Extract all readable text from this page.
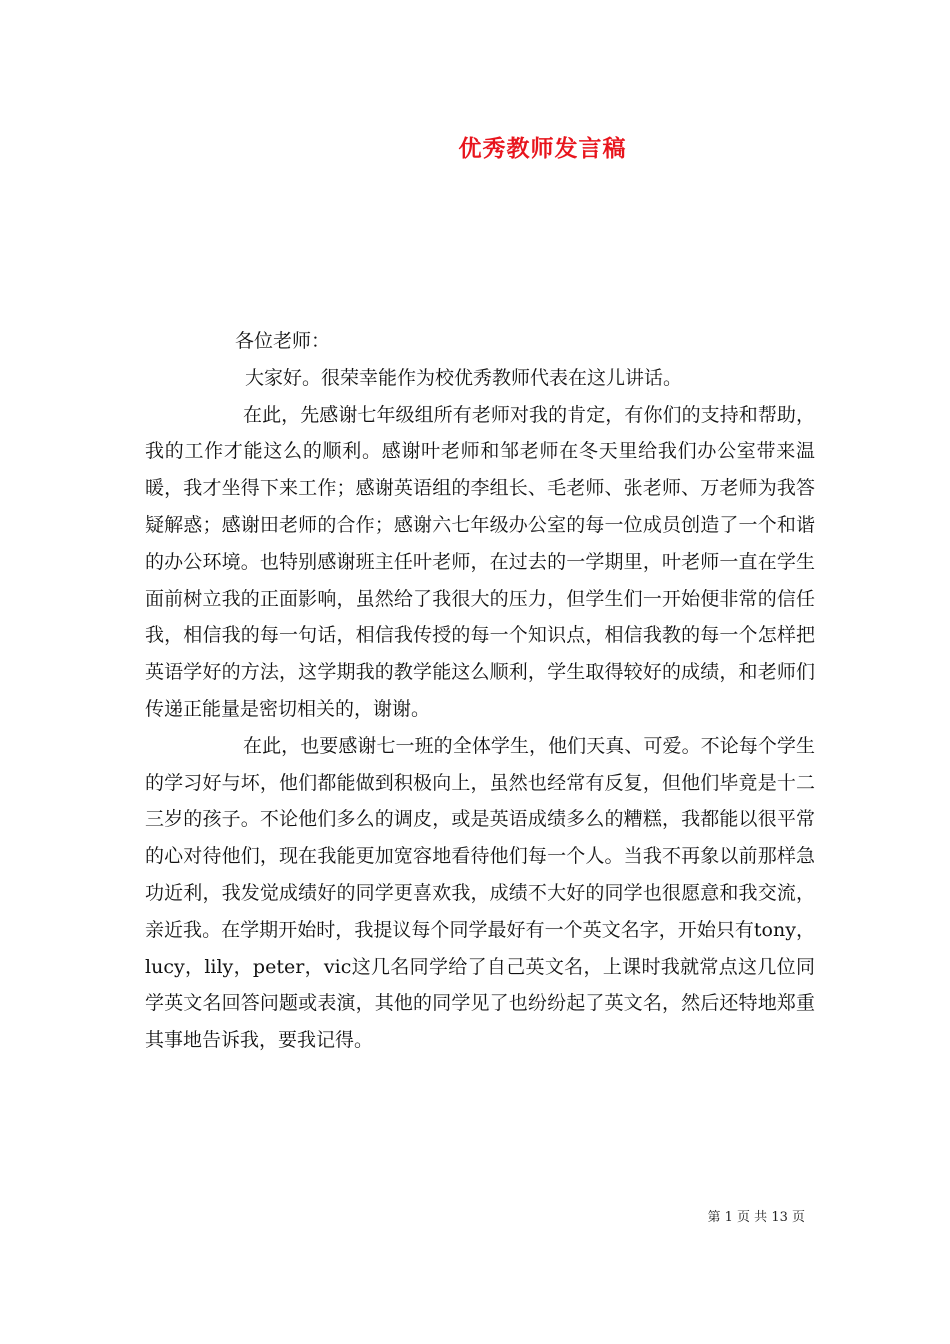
优秀教师发言稿

各位老师：

大家好。很荣幸能作为校优秀教师代表在这儿讲话。

在此，先感谢七年级组所有老师对我的肯定，有你们的支持和帮助，我的工作才能这么的顺利。感谢叶老师和邹老师在冬天里给我们办公室带来温暖，我才坐得下来工作；感谢英语组的李组长、毛老师、张老师、万老师为我答疑解惑；感谢田老师的合作；感谢六七年级办公室的每一位成员创造了一个和谐的办公环境。也特别感谢班主任叶老师，在过去的一学期里，叶老师一直在学生面前树立我的正面影响，虽然给了我很大的压力，但学生们一开始便非常的信任我，相信我的每一句话，相信我传授的每一个知识点，相信我教的每一个怎样把英语学好的方法，这学期我的教学能这么顺利，学生取得较好的成绩，和老师们传递正能量是密切相关的，谢谢。

在此，也要感谢七一班的全体学生，他们天真、可爱。不论每个学生的学习好与坏，他们都能做到积极向上，虽然也经常有反复，但他们毕竟是十二三岁的孩子。不论他们多么的调皮，或是英语成绩多么的糟糕，我都能以很平常的心对待他们，现在我能更加宽容地看待他们每一个人。当我不再象以前那样急功近利，我发觉成绩好的同学更喜欢我，成绩不大好的同学也很愿意和我交流，亲近我。在学期开始时，我提议每个同学最好有一个英文名字，开始只有tony，lucy，lily，peter，vic这几名同学给了自己英文名，上课时我就常点这几位同学英文名回答问题或表演，其他的同学见了也纷纷起了英文名，然后还特地郑重其事地告诉我，要我记得。

第 1 页 共 13 页
